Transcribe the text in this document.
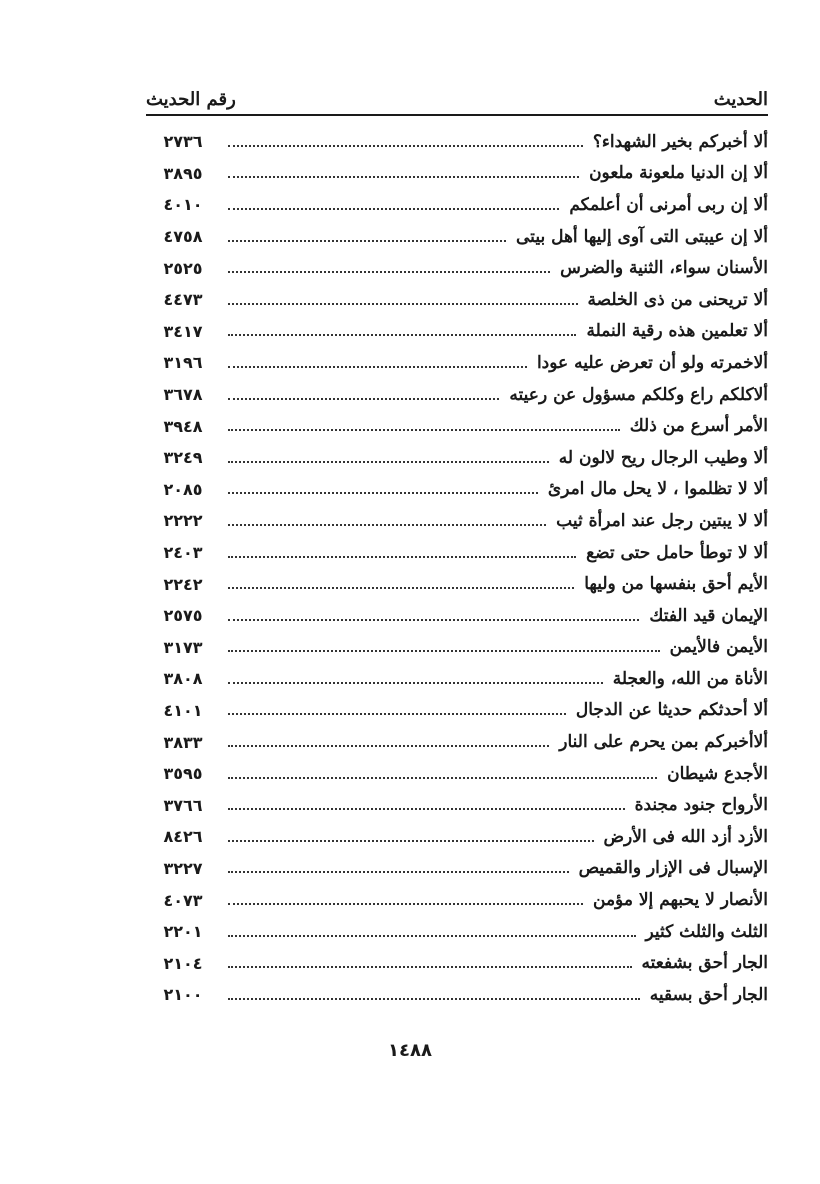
الحديث
رقم الحديث
ألا أخبركم بخير الشهداء؟
٢٧٣٦
ألا إن الدنيا ملعونة ملعون
٣٨٩٥
ألا إن ربى أمرنى أن أعلمكم
٤٠١٠
ألا إن عيبتى التى آوى إليها أهل بيتى
٤٧٥٨
الأسنان سواء، الثنية والضرس
٢٥٢٥
ألا تريحنى من ذى الخلصة
٤٤٧٣
ألا تعلمين هذه رقية النملة
٣٤١٧
ألاخمرته ولو أن تعرض عليه عودا
٣١٩٦
ألاكلكم راع وكلكم مسؤول عن رعيته
٣٦٧٨
الأمر أسرع من ذلك
٣٩٤٨
ألا وطيب الرجال ريح لالون له
٣٢٤٩
ألا لا تظلموا ، لا يحل مال امرئ
٢٠٨٥
ألا لا يبتين رجل عند امرأة ثيب
٢٢٢٢
ألا لا توطأ حامل حتى تضع
٢٤٠٣
الأيم أحق بنفسها من وليها
٢٢٤٢
الإيمان قيد الفتك
٢٥٧٥
الأيمن فالأيمن
٣١٧٣
الأناة من الله، والعجلة
٣٨٠٨
ألا أحدثكم حديثا عن الدجال
٤١٠١
ألاأخبركم بمن يحرم على النار
٣٨٣٣
الأجدع شيطان
٣٥٩٥
الأرواح جنود مجندة
٣٧٦٦
الأزد أزد الله فى الأرض
٨٤٢٦
الإسبال فى الإزار والقميص
٣٢٢٧
الأنصار لا يحبهم إلا مؤمن
٤٠٧٣
الثلث والثلث كثير
٢٢٠١
الجار أحق بشفعته
٢١٠٤
الجار أحق بسقيه
٢١٠٠
١٤٨٨
